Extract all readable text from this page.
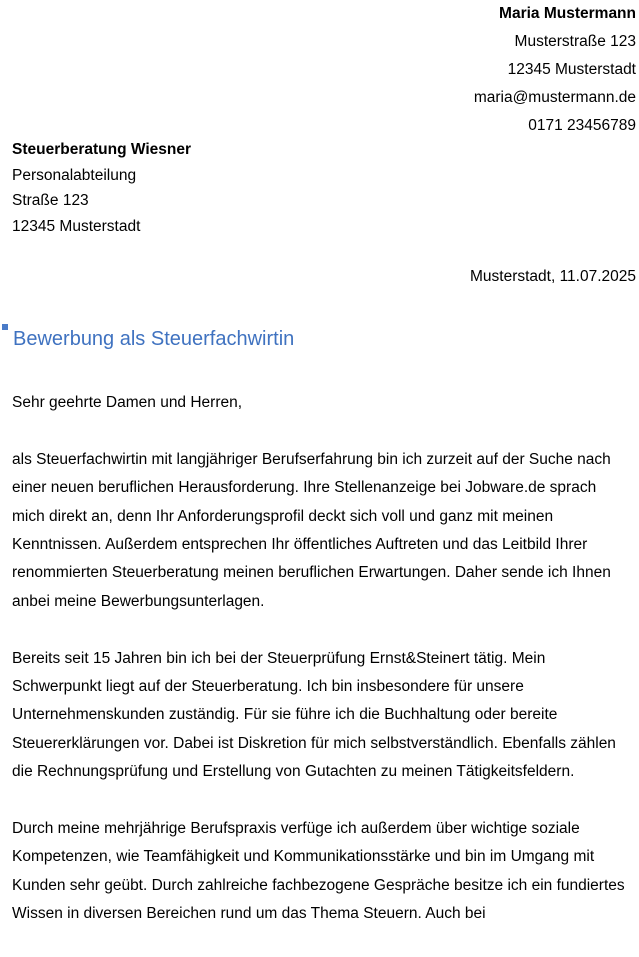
Maria Mustermann
Musterstraße 123
12345 Musterstadt
maria@mustermann.de
0171 23456789
Steuerberatung Wiesner
Personalabteilung
Straße 123
12345 Musterstadt
Musterstadt, 11.07.2025
Bewerbung als Steuerfachwirtin

Sehr geehrte Damen und Herren,

als Steuerfachwirtin mit langjähriger Berufserfahrung bin ich zurzeit auf der Suche nach einer neuen beruflichen Herausforderung. Ihre Stellenanzeige bei Jobware.de sprach mich direkt an, denn Ihr Anforderungsprofil deckt sich voll und ganz mit meinen Kenntnissen. Außerdem entsprechen Ihr öffentliches Auftreten und das Leitbild Ihrer renommierten Steuerberatung meinen beruflichen Erwartungen. Daher sende ich Ihnen anbei meine Bewerbungsunterlagen.

Bereits seit 15 Jahren bin ich bei der Steuerprüfung Ernst&Steinert tätig. Mein Schwerpunkt liegt auf der Steuerberatung. Ich bin insbesondere für unsere Unternehmenskunden zuständig. Für sie führe ich die Buchhaltung oder bereite Steuererklärungen vor. Dabei ist Diskretion für mich selbstverständlich. Ebenfalls zählen die Rechnungsprüfung und Erstellung von Gutachten zu meinen Tätigkeitsfeldern.

Durch meine mehrjährige Berufspraxis verfüge ich außerdem über wichtige soziale Kompetenzen, wie Teamfähigkeit und Kommunikationsstärke und bin im Umgang mit Kunden sehr geübt. Durch zahlreiche fachbezogene Gespräche besitze ich ein fundiertes Wissen in diversen Bereichen rund um das Thema Steuern. Auch bei
